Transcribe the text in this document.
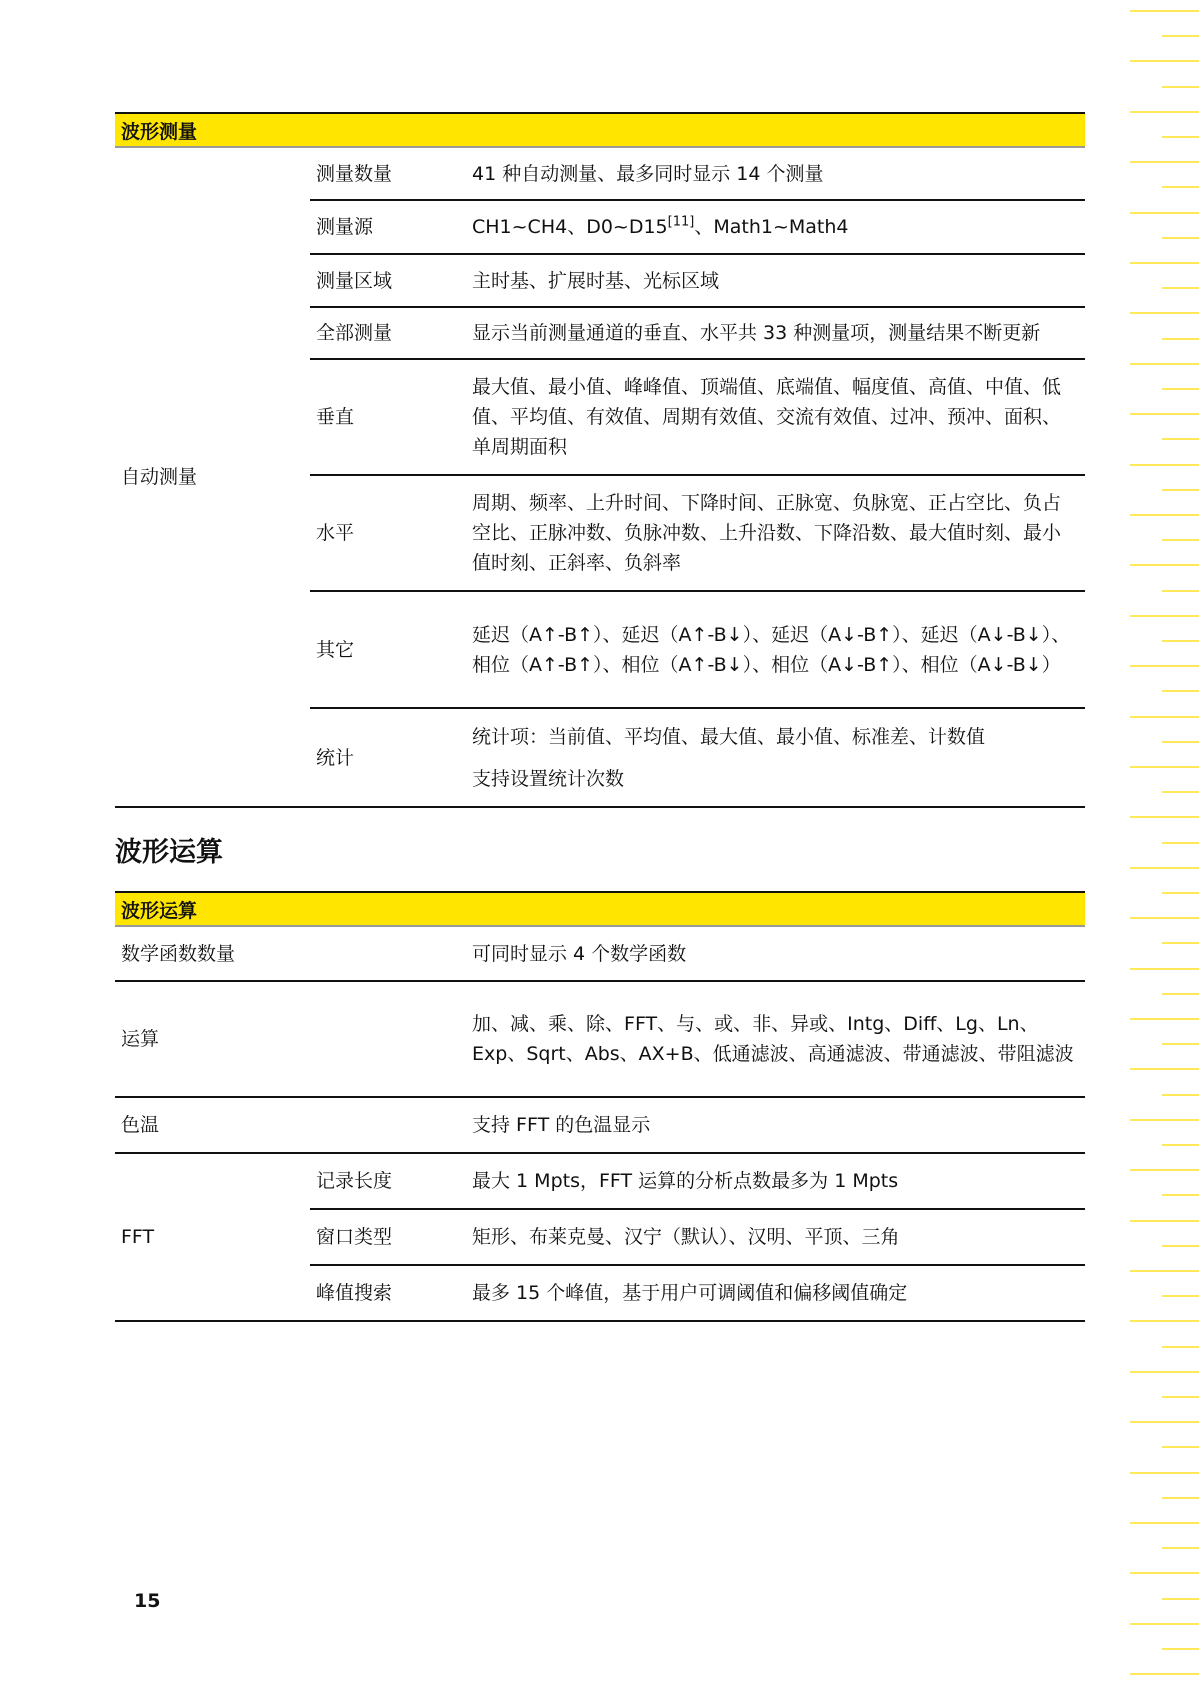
波形测量
自动测量	测量数量	41 种自动测量、最多同时显示 14 个测量
	测量源	CH1~CH4、D0~D15[11]、Math1~Math4
	测量区域	主时基、扩展时基、光标区域
	全部测量	显示当前测量通道的垂直、水平共 33 种测量项，测量结果不断更新
	垂直	最大值、最小值、峰峰值、顶端值、底端值、幅度值、高值、中值、低值、平均值、有效值、周期有效值、交流有效值、过冲、预冲、面积、单周期面积
	水平	周期、频率、上升时间、下降时间、正脉宽、负脉宽、正占空比、负占空比、正脉冲数、负脉冲数、上升沿数、下降沿数、最大值时刻、最小值时刻、正斜率、负斜率
	其它	延迟（A↑-B↑）、延迟（A↑-B↓）、延迟（A↓-B↑）、延迟（A↓-B↓）、相位（A↑-B↑）、相位（A↑-B↓）、相位（A↓-B↑）、相位（A↓-B↓）
	统计	统计项：当前值、平均值、最大值、最小值、标准差、计数值
支持设置统计次数
波形运算
波形运算
数学函数数量		可同时显示 4 个数学函数
运算		加、减、乘、除、FFT、与、或、非、异或、Intg、Diff、Lg、Ln、Exp、Sqrt、Abs、AX+B、低通滤波、高通滤波、带通滤波、带阻滤波
色温		支持 FFT 的色温显示
FFT	记录长度	最大 1 Mpts，FFT 运算的分析点数最多为 1 Mpts
	窗口类型	矩形、布莱克曼、汉宁（默认）、汉明、平顶、三角
	峰值搜索	最多 15 个峰值，基于用户可调阈值和偏移阈值确定
15
